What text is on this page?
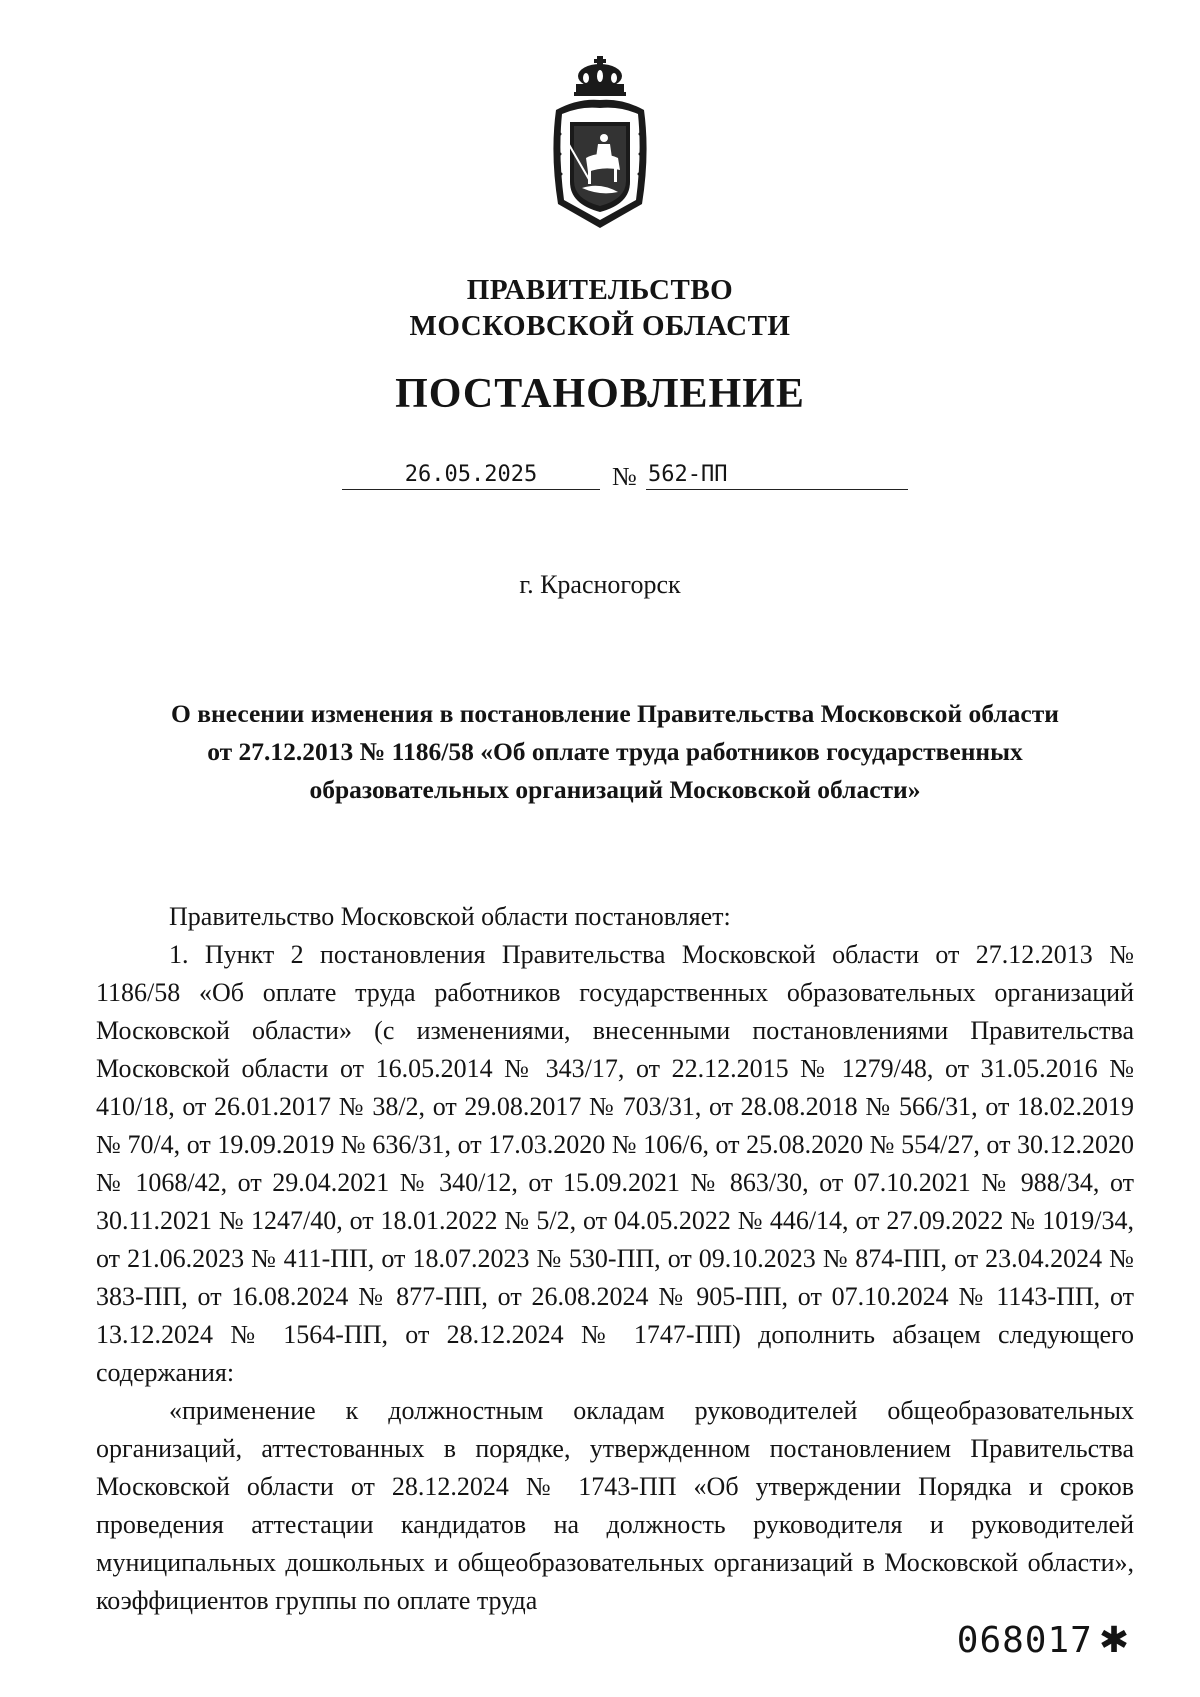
ПРАВИТЕЛЬСТВО
МОСКОВСКОЙ ОБЛАСТИ
ПОСТАНОВЛЕНИЕ
26.05.2025	№ 562-ПП
г. Красногорск
О внесении изменения в постановление Правительства Московской области
от 27.12.2013 № 1186/58 «Об оплате труда работников государственных
образовательных организаций Московской области»

Правительство Московской области постановляет:

1. Пункт 2 постановления Правительства Московской области от 27.12.2013 № 1186/58 «Об оплате труда работников государственных образовательных организаций Московской области» (с изменениями, внесенными постановлениями Правительства Московской области от 16.05.2014 № 343/17, от 22.12.2015 № 1279/48, от 31.05.2016 № 410/18, от 26.01.2017 № 38/2, от 29.08.2017 № 703/31, от 28.08.2018 № 566/31, от 18.02.2019 № 70/4, от 19.09.2019 № 636/31, от 17.03.2020 № 106/6, от 25.08.2020 № 554/27, от 30.12.2020 № 1068/42, от 29.04.2021 № 340/12, от 15.09.2021 № 863/30, от 07.10.2021 № 988/34, от 30.11.2021 № 1247/40, от 18.01.2022 № 5/2, от 04.05.2022 № 446/14, от 27.09.2022 № 1019/34, от 21.06.2023 № 411-ПП, от 18.07.2023 № 530-ПП, от 09.10.2023 № 874-ПП, от 23.04.2024 № 383-ПП, от 16.08.2024 № 877-ПП, от 26.08.2024 № 905-ПП, от 07.10.2024 № 1143-ПП, от 13.12.2024 № 1564-ПП, от 28.12.2024 № 1747-ПП) дополнить абзацем следующего содержания:

«применение к должностным окладам руководителей общеобразовательных организаций, аттестованных в порядке, утвержденном постановлением Правительства Московской области от 28.12.2024 № 1743-ПП «Об утверждении Порядка и сроков проведения аттестации кандидатов на должность руководителя и руководителей муниципальных дошкольных и общеобразовательных организаций в Московской области», коэффициентов группы по оплате труда

068017 ✱
